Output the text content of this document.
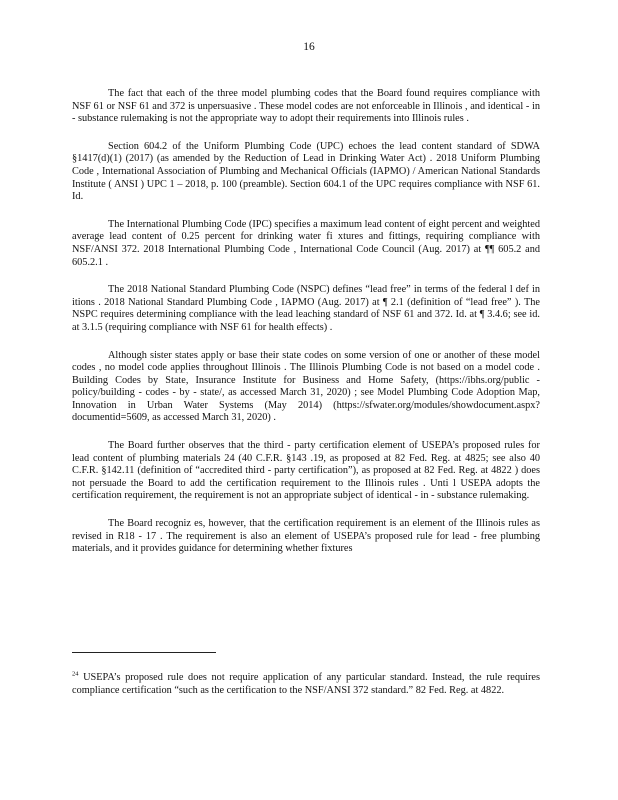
16

The fact that each of the three model plumbing codes that the Board found requires compliance with NSF 61 or NSF 61 and 372 is unpersuasive . These model codes are not enforceable in Illinois , and identical - in - substance rulemaking is not the appropriate way to adopt their requirements into Illinois rules .

Section 604.2 of the Uniform Plumbing Code (UPC) echoes the lead content standard of SDWA §1417(d)(1) (2017) (as amended by the Reduction of Lead in Drinking Water Act) . 2018 Uniform Plumbing Code , International Association of Plumbing and Mechanical Officials (IAPMO) / American National Standards Institute ( ANSI ) UPC 1 – 2018, p. 100 (preamble). Section 604.1 of the UPC requires compliance with NSF 61. Id.

The International Plumbing Code (IPC) specifies a maximum lead content of eight percent and weighted average lead content of 0.25 percent for drinking water fi xtures and fittings, requiring compliance with NSF/ANSI 372. 2018 International Plumbing Code , International Code Council (Aug. 2017) at ¶¶ 605.2 and 605.2.1 .

The 2018 National Standard Plumbing Code (NSPC) defines “lead free” in terms of the federal l def in itions . 2018 National Standard Plumbing Code , IAPMO (Aug. 2017) at ¶ 2.1 (definition of “lead free” ). The NSPC requires determining compliance with the lead leaching standard of NSF 61 and 372. Id. at ¶ 3.4.6; see id. at 3.1.5 (requiring compliance with NSF 61 for health effects) .

Although sister states apply or base their state codes on some version of one or another of these model codes , no model code applies throughout Illinois . The Illinois Plumbing Code is not based on a model code . Building Codes by State, Insurance Institute for Business and Home Safety, (https://ibhs.org/public - policy/building - codes - by - state/, as accessed March 31, 2020) ; see Model Plumbing Code Adoption Map, Innovation in Urban Water Systems (May 2014) (https://sfwater.org/modules/showdocument.aspx?documentid=5609, as accessed March 31, 2020) .

The Board further observes that the third - party certification element of USEPA’s proposed rules for lead content of plumbing materials 24 (40 C.F.R. §143 .19, as proposed at 82 Fed. Reg. at 4825; see also 40 C.F.R. §142.11 (definition of “accredited third - party certification”), as proposed at 82 Fed. Reg. at 4822 ) does not persuade the Board to add the certification requirement to the Illinois rules . Unti l USEPA adopts the certification requirement, the requirement is not an appropriate subject of identical - in - substance rulemaking.

The Board recogniz es, however, that the certification requirement is an element of the Illinois rules as revised in R18 - 17 . The requirement is also an element of USEPA’s proposed rule for lead - free plumbing materials, and it provides guidance for determining whether fixtures

$^{24}$ USEPA’s proposed rule does not require application of any particular standard. Instead, the rule requires compliance certification “such as the certification to the NSF/ANSI 372 standard.” 82 Fed. Reg. at 4822.
